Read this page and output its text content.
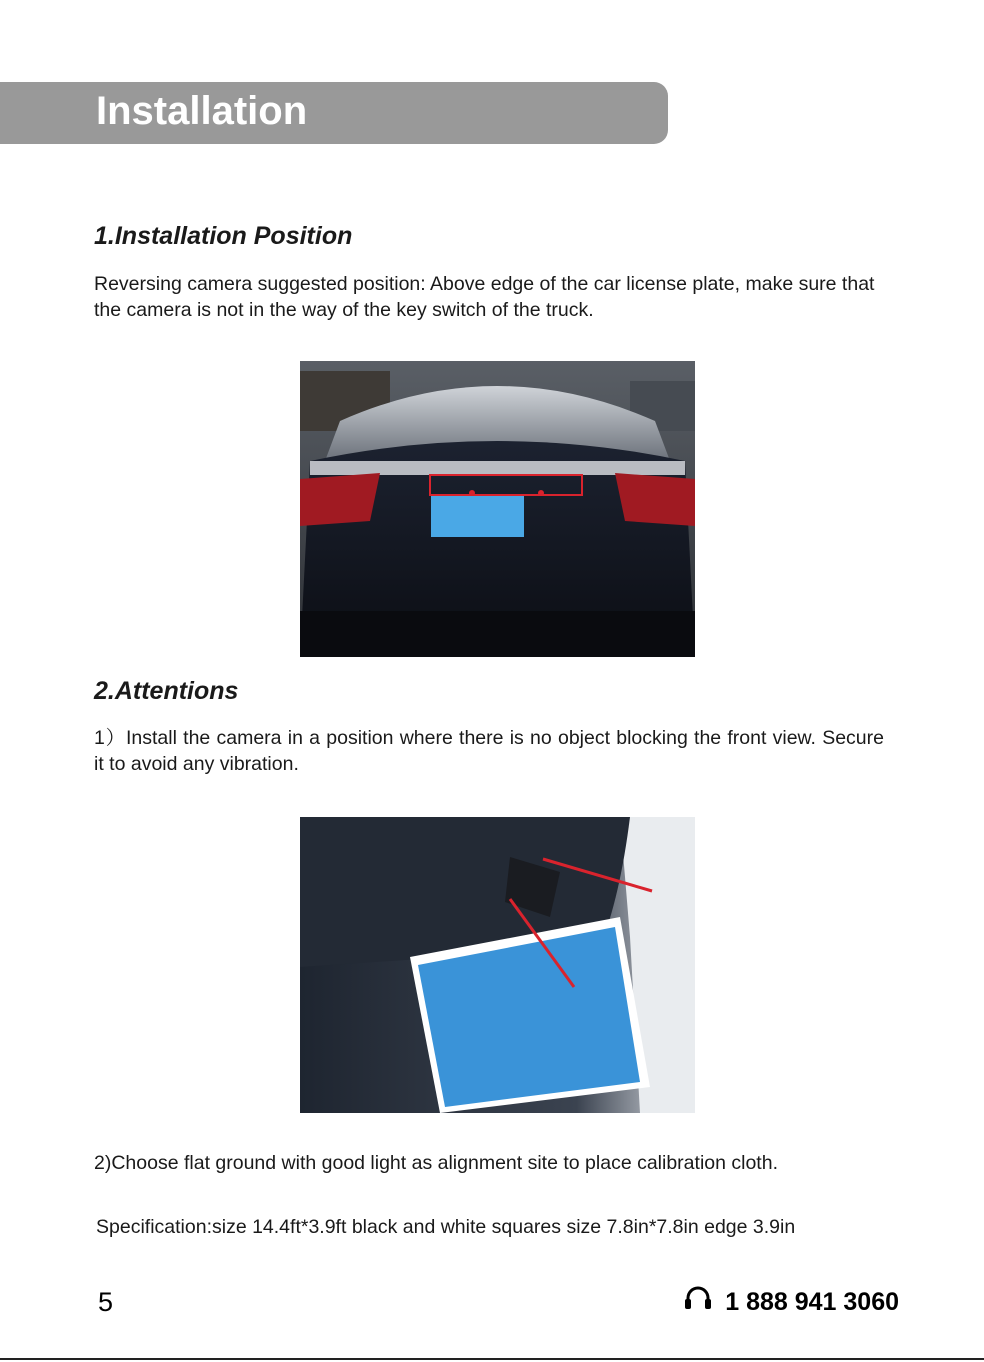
Installation
1.Installation Position

Reversing camera suggested position: Above edge of the car license plate, make sure that the camera is not in the way of the key switch of the truck.

2.Attentions

1）Install the camera in a position where there is no object blocking the front view. Secure it to avoid any vibration.

2)Choose flat ground with good light as alignment site to place calibration cloth.

Specification:size 14.4ft*3.9ft black and white squares size 7.8in*7.8in edge 3.9in

5	1 888 941 3060
